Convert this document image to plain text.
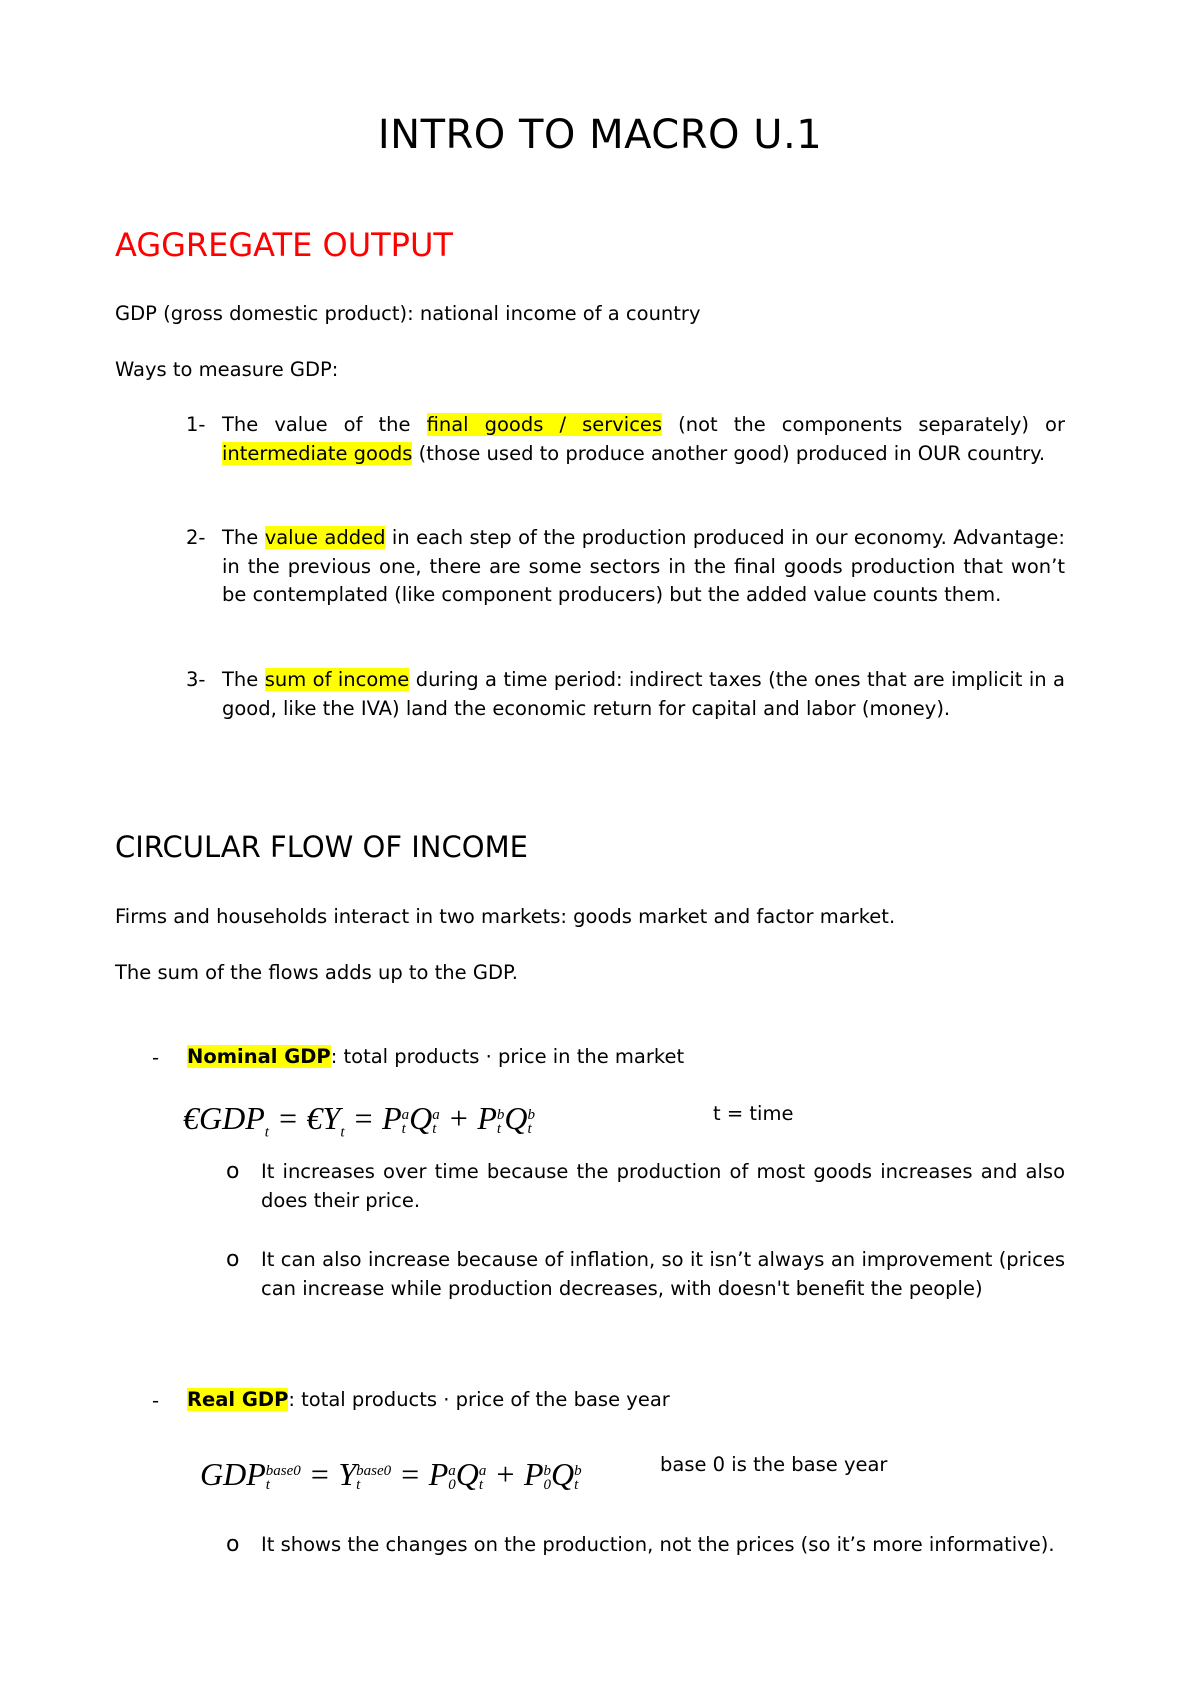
INTRO TO MACRO U.1
AGGREGATE OUTPUT
GDP (gross domestic product): national income of a country
Ways to measure GDP:
1- The value of the final goods / services (not the components separately) or intermediate goods (those used to produce another good) produced in OUR country.
2- The value added in each step of the production produced in our economy. Advantage: in the previous one, there are some sectors in the final goods production that won’t be contemplated (like component producers) but the added value counts them.
3- The sum of income during a time period: indirect taxes (the ones that are implicit in a good, like the IVA) land the economic return for capital and labor (money).
CIRCULAR FLOW OF INCOME
Firms and households interact in two markets: goods market and factor market.
The sum of the flows adds up to the GDP.
- Nominal GDP: total products · price in the market
$€GDP_t$ = $€Y_t = P$ a
t Q a
t + P b
t Q b
t
t = time
o It increases over time because the production of most goods increases and also does their price.
o It can also increase because of inflation, so it isn’t always an improvement (prices can increase while production decreases, with doesn't benefit the people)
- Real GDP: total products · price of the base year
GDP base0
t = Y base0
t = P a
0 Q a
t + P b
0 Q b
t
base 0 is the base year
o It shows the changes on the production, not the prices (so it’s more informative).
